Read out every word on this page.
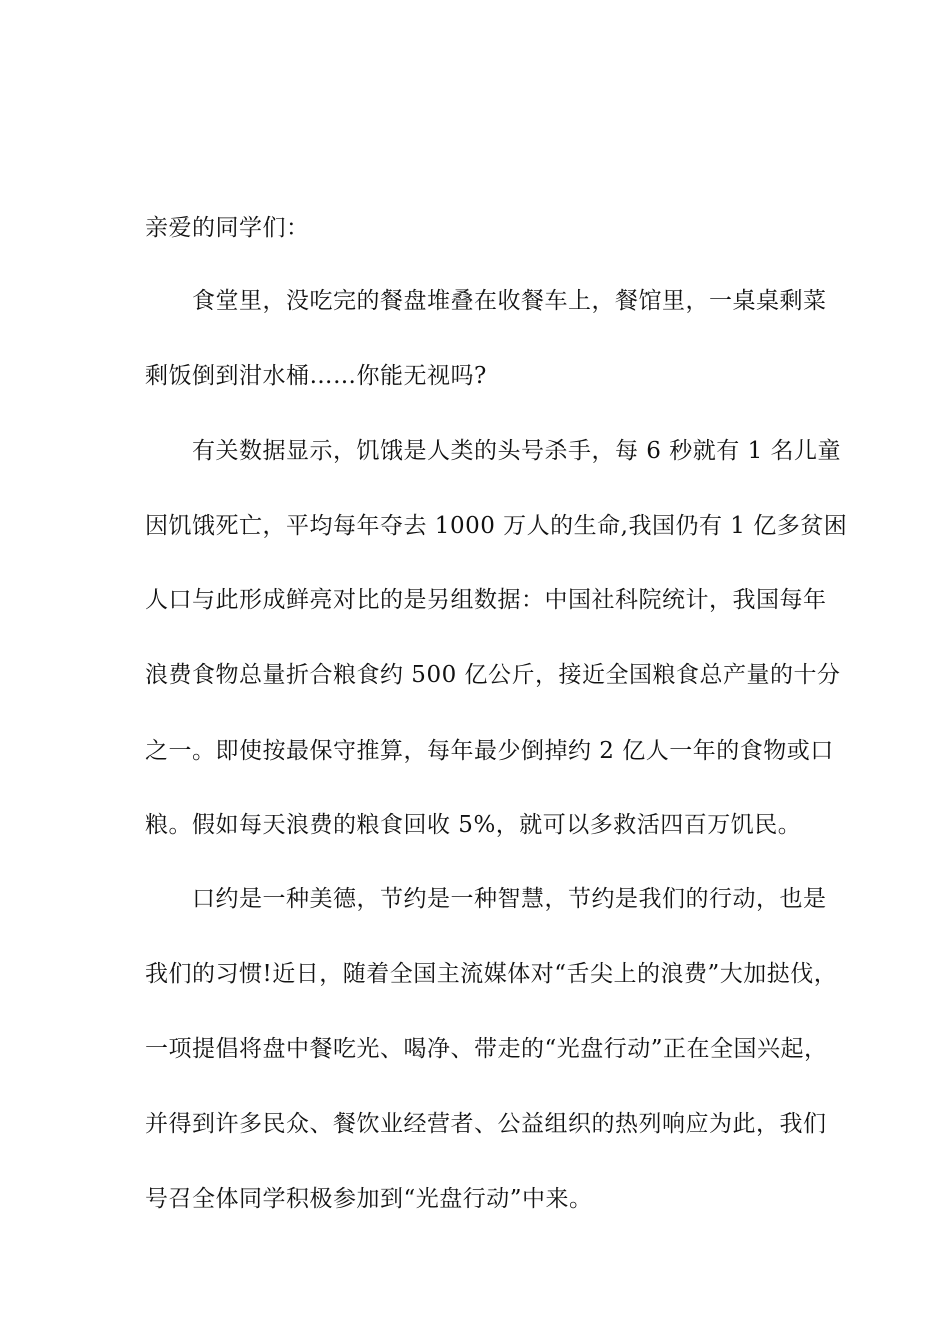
亲爱的同学们：
食堂里，没吃完的餐盘堆叠在收餐车上，餐馆里，一桌桌剩菜
剩饭倒到泔水桶……你能无视吗?
有关数据显示，饥饿是人类的头号杀手，每 6 秒就有 1 名儿童
因饥饿死亡，平均每年夺去 1000 万人的生命,我国仍有 1 亿多贫困
人口与此形成鲜亮对比的是另组数据：中国社科院统计，我国每年
浪费食物总量折合粮食约 500 亿公斤，接近全国粮食总产量的十分
之一。即使按最保守推算，每年最少倒掉约 2 亿人一年的食物或口
粮。假如每天浪费的粮食回收 5%，就可以多救活四百万饥民。
口约是一种美德，节约是一种智慧，节约是我们的行动，也是
我们的习惯!近日，随着全国主流媒体对“舌尖上的浪费”大加挞伐，
一项提倡将盘中餐吃光、喝净、带走的“光盘行动”正在全国兴起，
并得到许多民众、餐饮业经营者、公益组织的热列响应为此，我们
号召全体同学积极参加到“光盘行动”中来。
